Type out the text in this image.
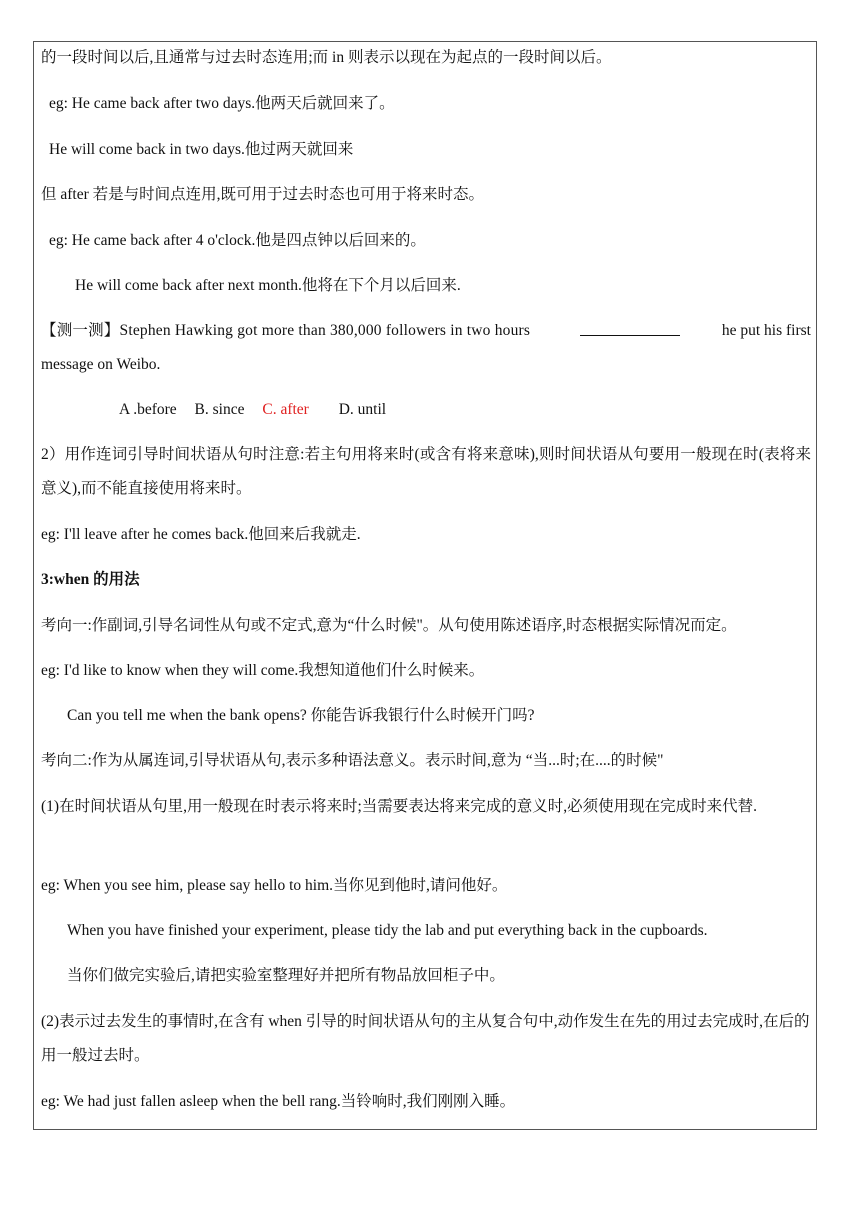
的一段时间以后,且通常与过去时态连用;而 in 则表示以现在为起点的一段时间以后。
eg: He came back after two days.他两天后就回来了。
He will come back in two days.他过两天就回来
但 after 若是与时间点连用,既可用于过去时态也可用于将来时态。
eg: He came back after 4 o'clock.他是四点钟以后回来的。
He will come back after next month.他将在下个月以后回来.
【测一测】Stephen Hawking got more than 380,000 followers in two hours	he put his first
message on Weibo.
A .before B. since C. after D. until
2）用作连词引导时间状语从句时注意:若主句用将来时(或含有将来意味),则时间状语从句要用一般现在时(表将来意义),而不能直接使用将来时。
eg: I'll leave after he comes back.他回来后我就走.
3:when 的用法
考向一:作副词,引导名词性从句或不定式,意为“什么时候"。从句使用陈述语序,时态根据实际情况而定。
eg: I'd like to know when they will come.我想知道他们什么时候来。
Can you tell me when the bank opens? 你能告诉我银行什么时候开门吗?
考向二:作为从属连词,引导状语从句,表示多种语法意义。表示时间,意为 “当...时;在....的时候"
(1)在时间状语从句里,用一般现在时表示将来时;当需要表达将来完成的意义时,必须使用现在完成时来代替.
eg: When you see him, please say hello to him.当你见到他时,请问他好。
When you have finished your experiment, please tidy the lab and put everything back in the cupboards.
当你们做完实验后,请把实验室整理好并把所有物品放回柜子中。
(2)表示过去发生的事情时,在含有 when 引导的时间状语从句的主从复合句中,动作发生在先的用过去完成时,在后的用一般过去时。
eg: We had just fallen asleep when the bell rang.当铃响时,我们刚刚入睡。
